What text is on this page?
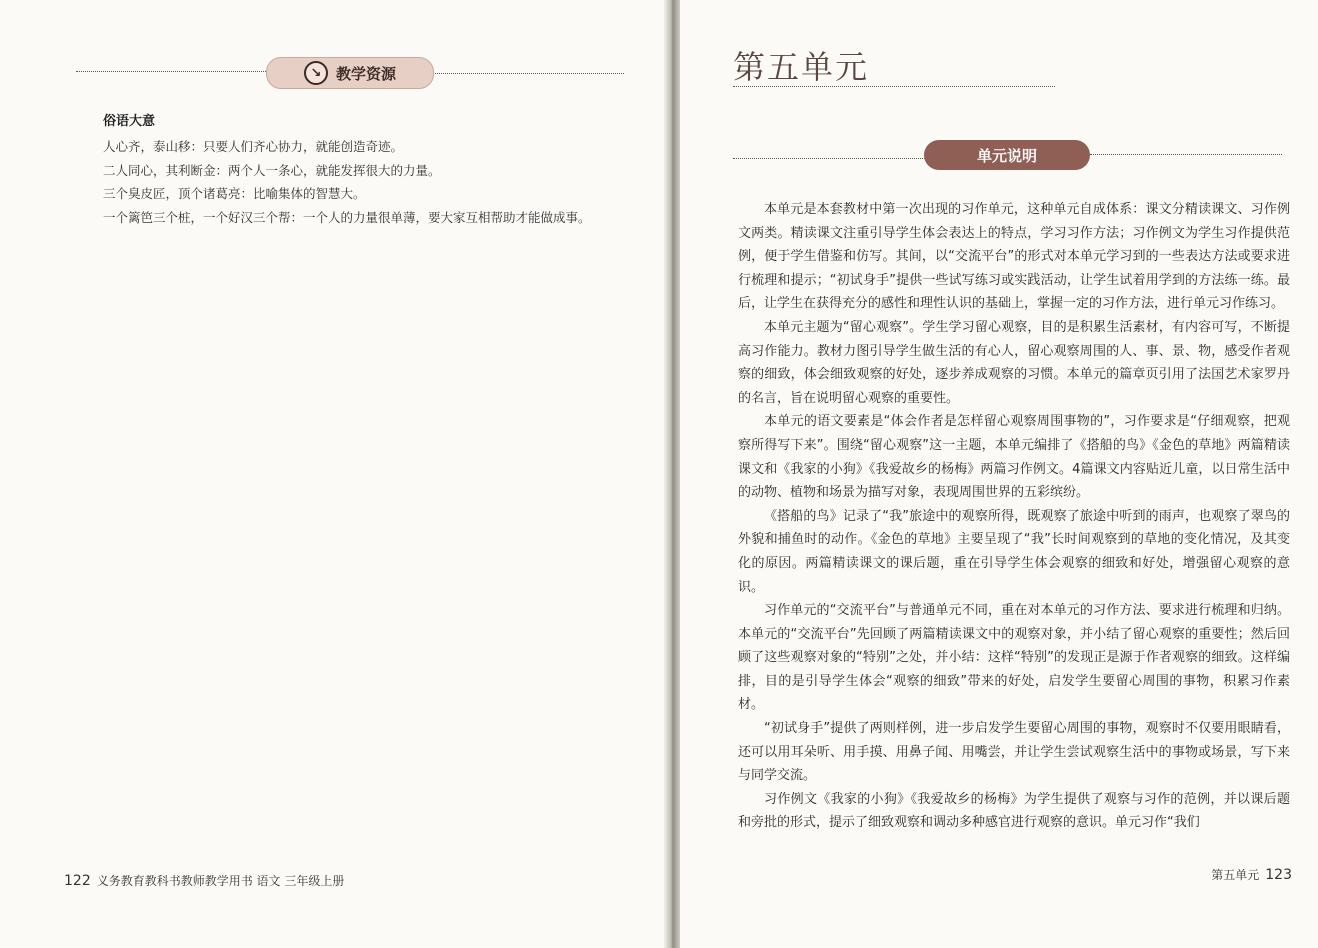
↘ 教学资源
俗语大意

人心齐，泰山移：只要人们齐心协力，就能创造奇迹。

二人同心，其利断金：两个人一条心，就能发挥很大的力量。

三个臭皮匠，顶个诸葛亮：比喻集体的智慧大。

一个篱笆三个桩，一个好汉三个帮：一个人的力量很单薄，要大家互相帮助才能做成事。

122 义务教育教科书教师教学用书 语文 三年级上册
第五单元
单元说明

本单元是本套教材中第一次出现的习作单元，这种单元自成体系：课文分精读课文、习作例文两类。精读课文注重引导学生体会表达上的特点，学习习作方法；习作例文为学生习作提供范例，便于学生借鉴和仿写。其间，以“交流平台”的形式对本单元学习到的一些表达方法或要求进行梳理和提示；“初试身手”提供一些试写练习或实践活动，让学生试着用学到的方法练一练。最后，让学生在获得充分的感性和理性认识的基础上，掌握一定的习作方法，进行单元习作练习。

本单元主题为“留心观察”。学生学习留心观察，目的是积累生活素材，有内容可写，不断提高习作能力。教材力图引导学生做生活的有心人，留心观察周围的人、事、景、物，感受作者观察的细致，体会细致观察的好处，逐步养成观察的习惯。本单元的篇章页引用了法国艺术家罗丹的名言，旨在说明留心观察的重要性。

本单元的语文要素是“体会作者是怎样留心观察周围事物的”，习作要求是“仔细观察，把观察所得写下来”。围绕“留心观察”这一主题，本单元编排了《搭船的鸟》《金色的草地》两篇精读课文和《我家的小狗》《我爱故乡的杨梅》两篇习作例文。4篇课文内容贴近儿童，以日常生活中的动物、植物和场景为描写对象，表现周围世界的五彩缤纷。

《搭船的鸟》记录了“我”旅途中的观察所得，既观察了旅途中听到的雨声，也观察了翠鸟的外貌和捕鱼时的动作。《金色的草地》主要呈现了“我”长时间观察到的草地的变化情况，及其变化的原因。两篇精读课文的课后题，重在引导学生体会观察的细致和好处，增强留心观察的意识。

习作单元的“交流平台”与普通单元不同，重在对本单元的习作方法、要求进行梳理和归纳。本单元的“交流平台”先回顾了两篇精读课文中的观察对象，并小结了留心观察的重要性；然后回顾了这些观察对象的“特别”之处，并小结：这样“特别”的发现正是源于作者观察的细致。这样编排，目的是引导学生体会“观察的细致”带来的好处，启发学生要留心周围的事物，积累习作素材。

“初试身手”提供了两则样例，进一步启发学生要留心周围的事物，观察时不仅要用眼睛看，还可以用耳朵听、用手摸、用鼻子闻、用嘴尝，并让学生尝试观察生活中的事物或场景，写下来与同学交流。

习作例文《我家的小狗》《我爱故乡的杨梅》为学生提供了观察与习作的范例，并以课后题和旁批的形式，提示了细致观察和调动多种感官进行观察的意识。单元习作“我们

第五单元 123
